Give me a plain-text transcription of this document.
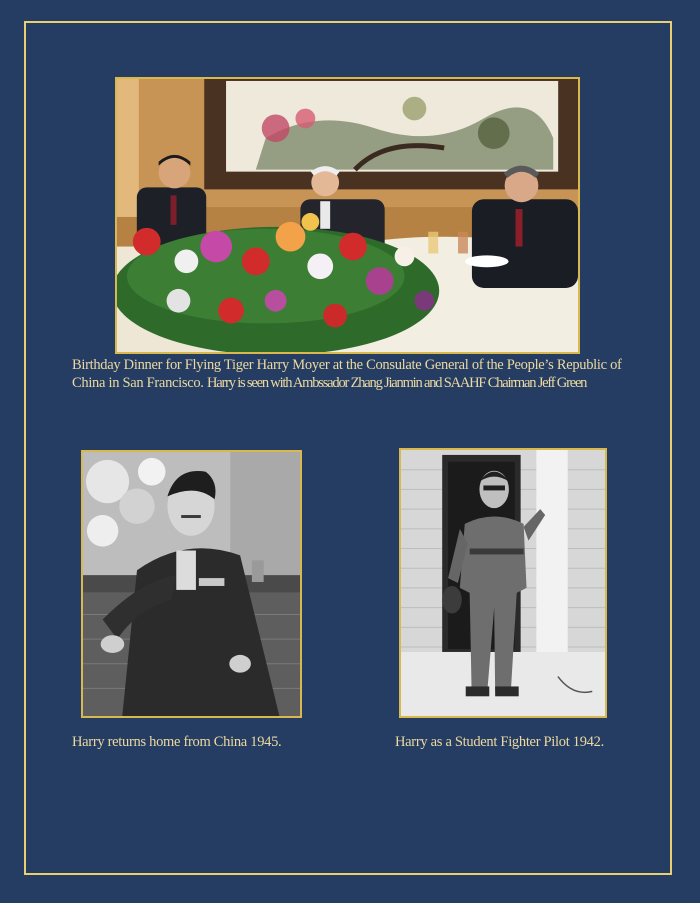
Birthday Dinner for Flying Tiger Harry Moyer at the Consulate General of the People’s Republic of China in San Francisco. Harry is seen with Ambssador Zhang Jianmin and SAAHF Chairman Jeff Green
Harry returns home from China 1945.	Harry as a Student Fighter Pilot 1942.
